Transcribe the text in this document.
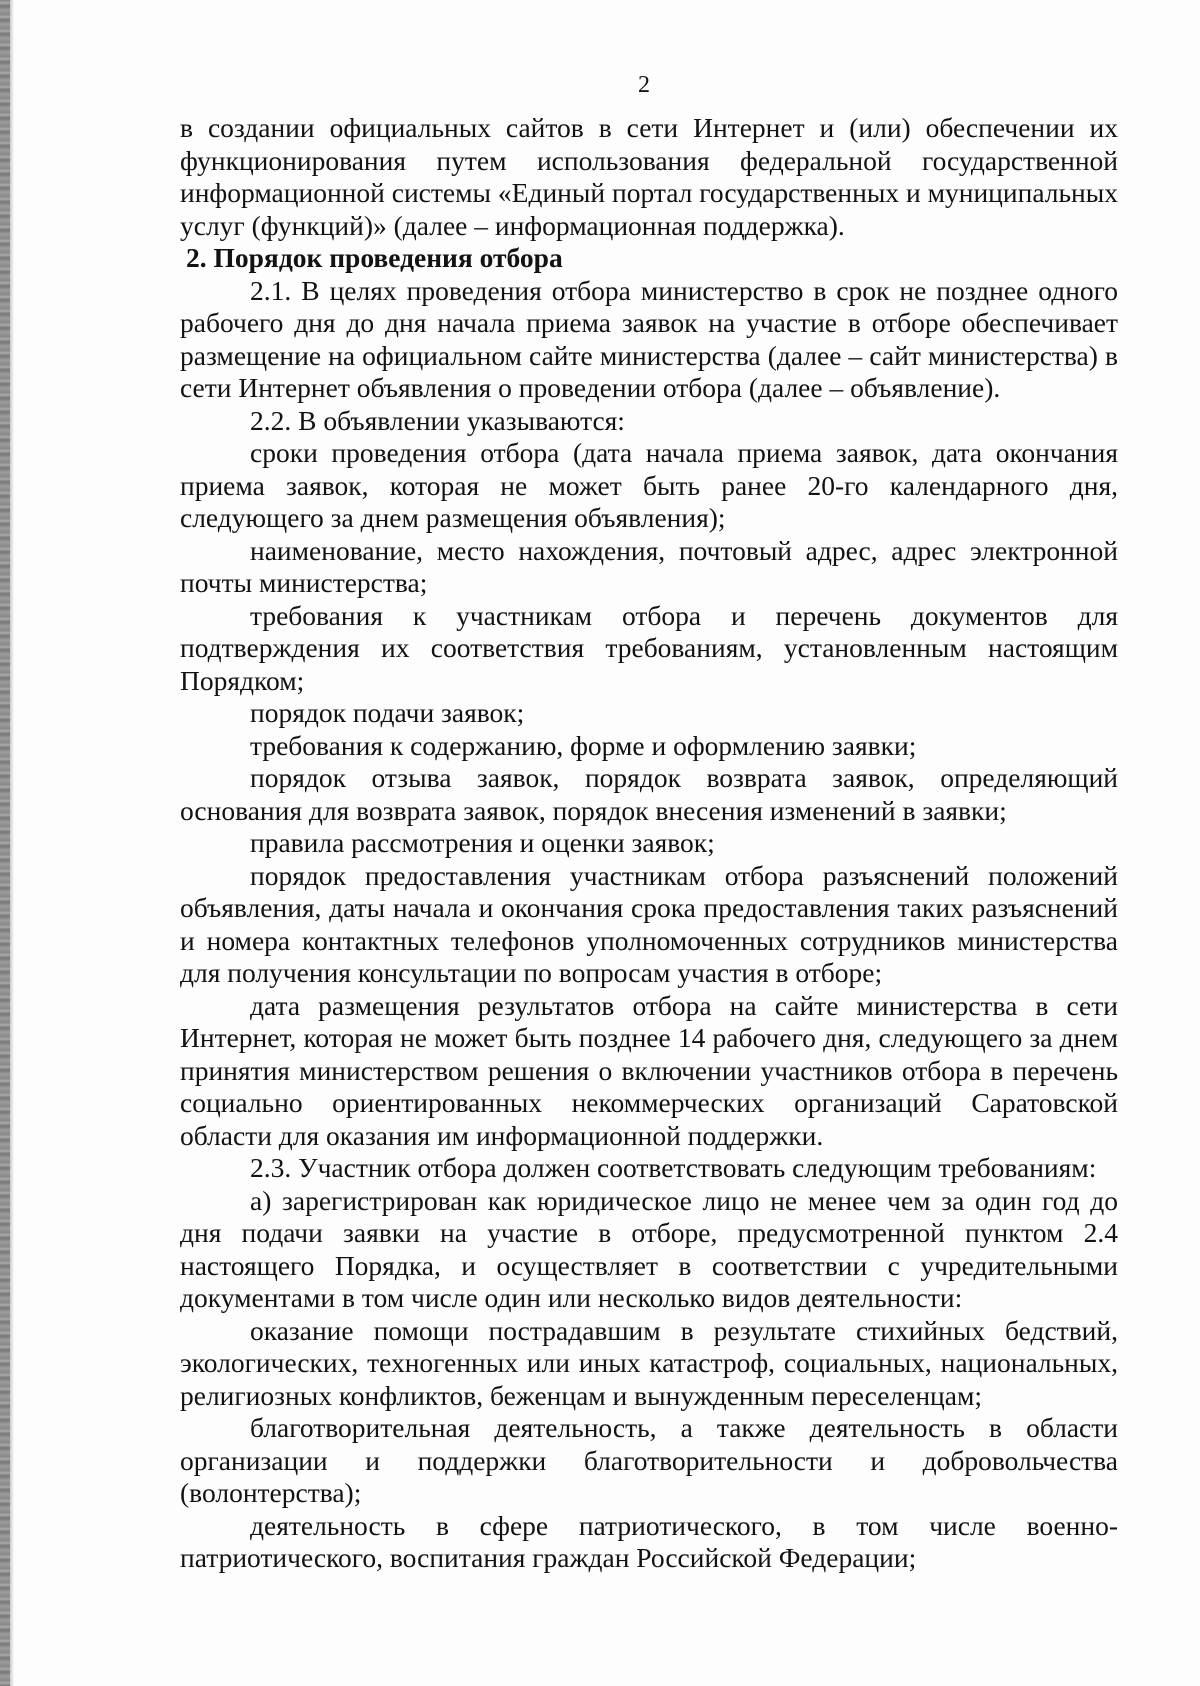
2

в создании официальных сайтов в сети Интернет и (или) обеспечении их функционирования путем использования федеральной государственной информационной системы «Единый портал государственных и муниципальных услуг (функций)» (далее – информационная поддержка).

2. Порядок проведения отбора

2.1. В целях проведения отбора министерство в срок не позднее одного рабочего дня до дня начала приема заявок на участие в отборе обеспечивает размещение на официальном сайте министерства (далее – сайт министерства) в сети Интернет объявления о проведении отбора (далее – объявление).

2.2. В объявлении указываются:

сроки проведения отбора (дата начала приема заявок, дата окончания приема заявок, которая не может быть ранее 20-го календарного дня, следующего за днем размещения объявления);

наименование, место нахождения, почтовый адрес, адрес электронной почты министерства;

требования к участникам отбора и перечень документов для подтверждения их соответствия требованиям, установленным настоящим Порядком;

порядок подачи заявок;

требования к содержанию, форме и оформлению заявки;

порядок отзыва заявок, порядок возврата заявок, определяющий основания для возврата заявок, порядок внесения изменений в заявки;

правила рассмотрения и оценки заявок;

порядок предоставления участникам отбора разъяснений положений объявления, даты начала и окончания срока предоставления таких разъяснений и номера контактных телефонов уполномоченных сотрудников министерства для получения консультации по вопросам участия в отборе;

дата размещения результатов отбора на сайте министерства в сети Интернет, которая не может быть позднее 14 рабочего дня, следующего за днем принятия министерством решения о включении участников отбора в перечень социально ориентированных некоммерческих организаций Саратовской области для оказания им информационной поддержки.

2.3. Участник отбора должен соответствовать следующим требованиям:

а) зарегистрирован как юридическое лицо не менее чем за один год до дня подачи заявки на участие в отборе, предусмотренной пунктом 2.4 настоящего Порядка, и осуществляет в соответствии с учредительными документами в том числе один или несколько видов деятельности:

оказание помощи пострадавшим в результате стихийных бедствий, экологических, техногенных или иных катастроф, социальных, национальных, религиозных конфликтов, беженцам и вынужденным переселенцам;

благотворительная деятельность, а также деятельность в области организации и поддержки благотворительности и добровольчества (волонтерства);

деятельность в сфере патриотического, в том числе военно-патриотического, воспитания граждан Российской Федерации;
